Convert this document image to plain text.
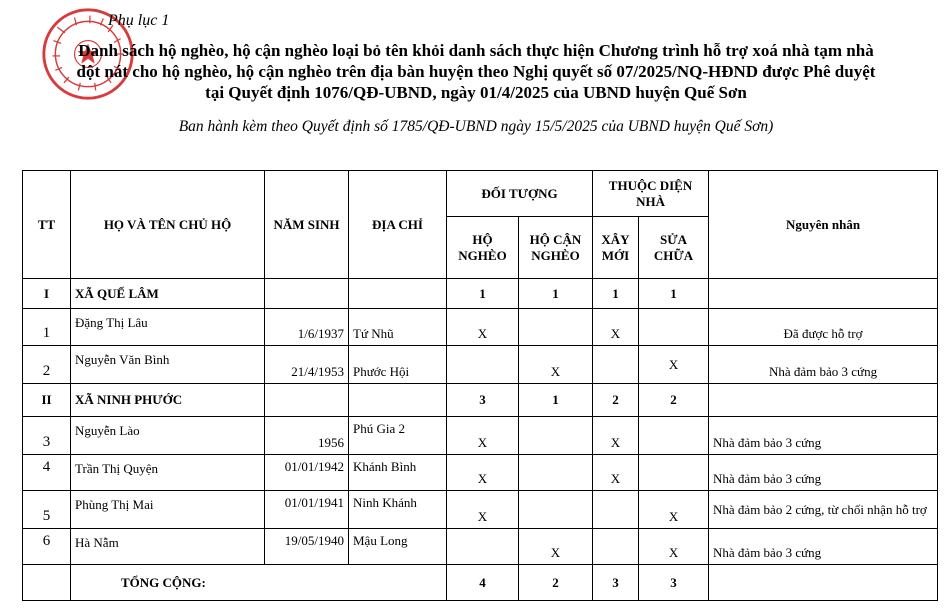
Phụ lục 1
Danh sách hộ nghèo, hộ cận nghèo loại bỏ tên khỏi danh sách thực hiện Chương trình hỗ trợ xoá nhà tạm nhà
dột nát cho hộ nghèo, hộ cận nghèo trên địa bàn huyện theo Nghị quyết số 07/2025/NQ-HĐND được Phê duyệt
tại Quyết định 1076/QĐ-UBND, ngày 01/4/2025 của UBND huyện Quế Sơn
Ban hành kèm theo Quyết định số 1785/QĐ-UBND ngày 15/5/2025 của UBND huyện Quế Sơn)
TT	HỌ VÀ TÊN CHỦ HỘ	NĂM SINH	ĐỊA CHỈ	ĐỐI TƯỢNG		THUỘC DIỆN NHÀ		Nguyên nhân
				HỘ NGHÈO	HỘ CẬN NGHÈO	XÂY MỚI	SỬA CHỮA	
I	XÃ QUẾ LÂM			1	1	1	1	
1	Đặng Thị Lâu	1/6/1937	Tứ Nhũ	X		X		Đã được hỗ trợ
2	Nguyễn Văn Bình	21/4/1953	Phước Hội		X		X	Nhà đảm bảo 3 cứng
II	XÃ NINH PHƯỚC			3	1	2	2	
3	Nguyễn Lào	1956	Phú Gia 2	X		X		Nhà đảm bảo 3 cứng
4	Trần Thị Quyện	01/01/1942	Khánh Bình	X		X		Nhà đảm bảo 3 cứng
5	Phùng Thị Mai	01/01/1941	Ninh Khánh	X			X	Nhà đảm bảo 2 cứng, từ chối nhận hỗ trợ
6	Hà Nẫm	19/05/1940	Mậu Long		X		X	Nhà đảm bảo 3 cứng
	TỔNG CỘNG:			4	2	3	3	
